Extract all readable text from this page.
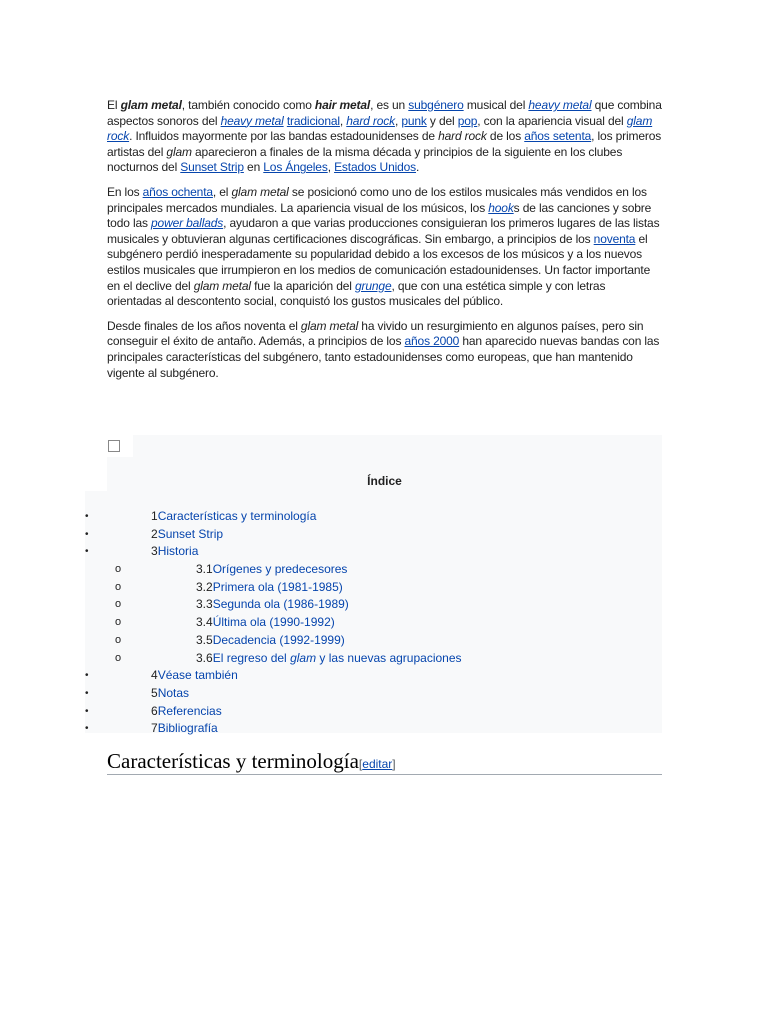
El glam metal, también conocido como hair metal, es un subgénero musical del heavy metal que combina aspectos sonoros del heavy metal tradicional, hard rock, punk y del pop, con la apariencia visual del glam rock. Influidos mayormente por las bandas estadounidenses de hard rock de los años setenta, los primeros artistas del glam aparecieron a finales de la misma década y principios de la siguiente en los clubes nocturnos del Sunset Strip en Los Ángeles, Estados Unidos.

En los años ochenta, el glam metal se posicionó como uno de los estilos musicales más vendidos en los principales mercados mundiales. La apariencia visual de los músicos, los hooks de las canciones y sobre todo las power ballads, ayudaron a que varias producciones consiguieran los primeros lugares de las listas musicales y obtuvieran algunas certificaciones discográficas. Sin embargo, a principios de los noventa el subgénero perdió inesperadamente su popularidad debido a los excesos de los músicos y a los nuevos estilos musicales que irrumpieron en los medios de comunicación estadounidenses. Un factor importante en el declive del glam metal fue la aparición del grunge, que con una estética simple y con letras orientadas al descontento social, conquistó los gustos musicales del público.

Desde finales de los años noventa el glam metal ha vivido un resurgimiento en algunos países, pero sin conseguir el éxito de antaño. Además, a principios de los años 2000 han aparecido nuevas bandas con las principales características del subgénero, tanto estadounidenses como europeas, que han mantenido vigente al subgénero.

Índice
•	1Características y terminología
•	2Sunset Strip
•	3Historia
o	3.1Orígenes y predecesores
o	3.2Primera ola (1981-1985)
o	3.3Segunda ola (1986-1989)
o	3.4Última ola (1990-1992)
o	3.5Decadencia (1992-1999)
o	3.6El regreso del glam y las nuevas agrupaciones
•	4Véase también
•	5Notas
•	6Referencias
•	7Bibliografía
Características y terminología[editar]
